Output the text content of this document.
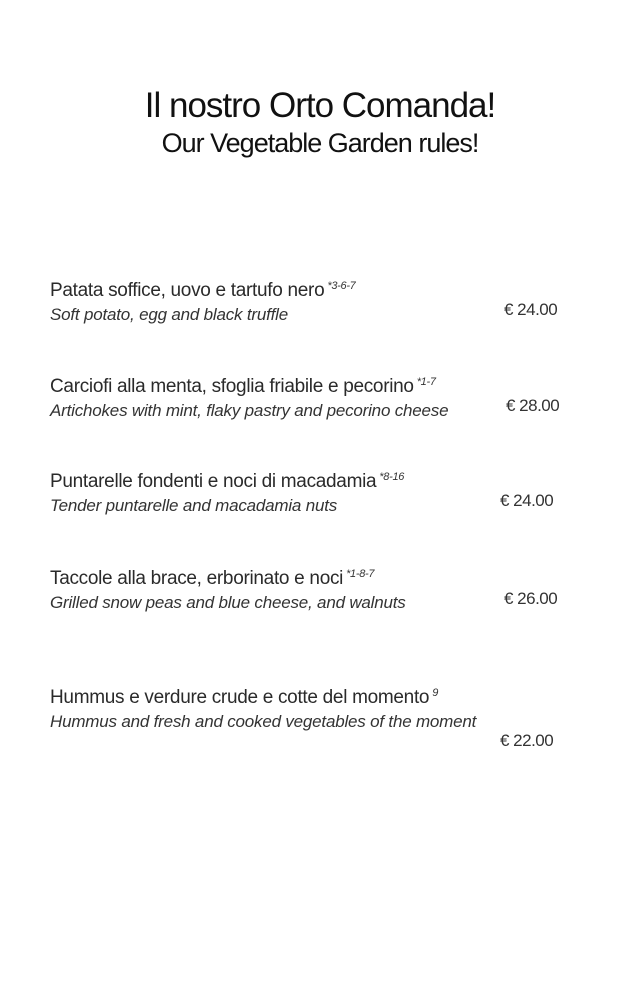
Il nostro Orto Comanda!
Our Vegetable Garden rules!
Patata soffice, uovo e tartufo nero $^{*3-6-7}$
Soft potato, egg and black truffle	€ 24.00
Carciofi alla menta, sfoglia friabile e pecorino $^{*1-7}$
Artichokes with mint, flaky pastry and pecorino cheese	€ 28.00
Puntarelle fondenti e noci di macadamia $^{*8-16}$
Tender puntarelle and macadamia nuts	€ 24.00
Taccole alla brace, erborinato e noci $^{*1-8-7}$
Grilled snow peas and blue cheese, and walnuts	€ 26.00
Hummus e verdure crude e cotte del momento $^9$
Hummus and fresh and cooked vegetables of the moment
€ 22.00
